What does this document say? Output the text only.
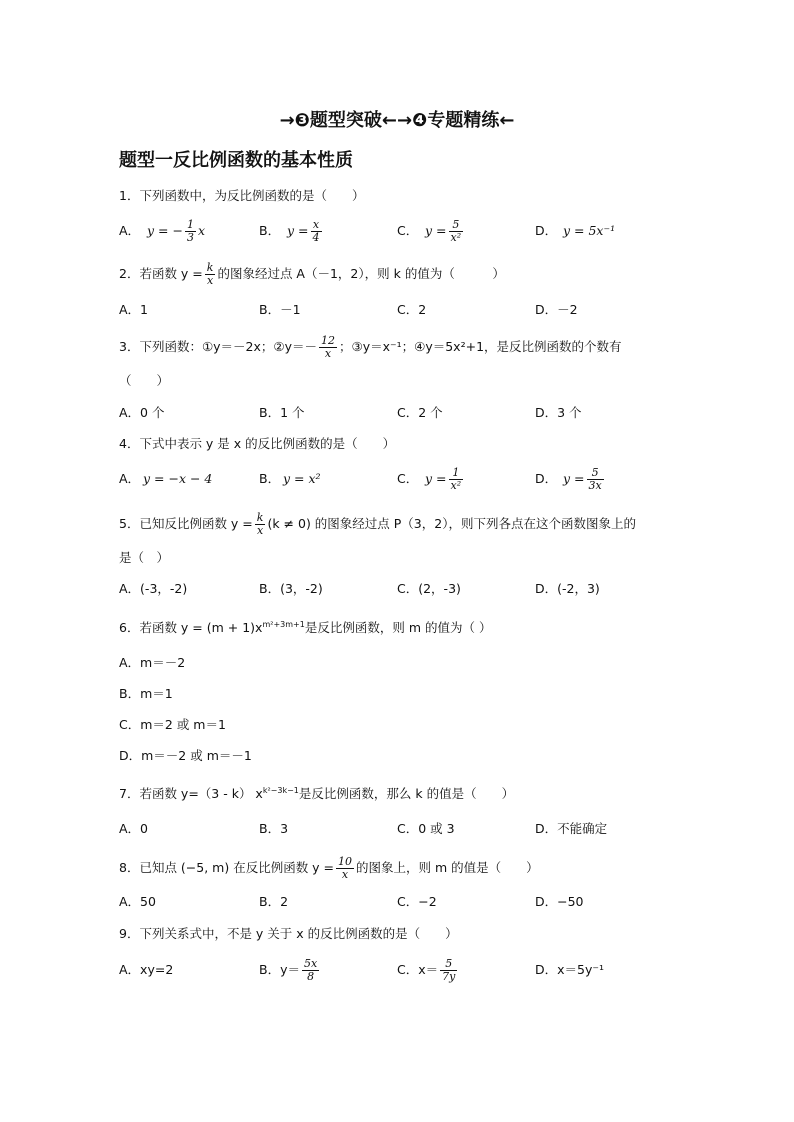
→❸题型突破←→❹专题精练←
题型一反比例函数的基本性质
1．下列函数中，为反比例函数的是（　　）
A． y = − $\frac{1}{3}$ x	B． $y = \frac{x}{4}$	C． $y = \frac{5}{\text{x²}}$	D． y = 5x⁻¹
2．若函数 $y = \frac{k}{x}$ 的图象经过点 A（－1，2），则 k 的值为（　　　）
A．1	B．－1	C．2	D．－2
3．下列函数：①y＝－2x；②y＝－ $\frac{12}{x}$ ；③y＝x⁻¹；④y＝5x²+1，是反比例函数的个数有
（　　）
A．0 个	B．1 个	C．2 个	D．3 个
4．下式中表示 y 是 x 的反比例函数的是（　　）
A． y = −x − 4	B． y = x²	C． $y = \frac{1}{\text{x²}}$	D． $y = \frac{5}{3x}$
5．已知反比例函数 $y = \frac{k}{x} (k \ne 0)$ 的图象经过点 P（3，2），则下列各点在这个函数图象上的
是（　）
A．(-3，-2)	B．(3，-2)	C．(2，-3)	D．(-2，3)
6．若函数 $y = (m + 1)x^{m^2+3m+1}$是反比例函数，则 m 的值为（ ）
A．m＝－2
B．m＝1
C．m＝2 或 m＝1
D．m＝－2 或 m＝－1
7．若函数 y=（3 - k） $x^{k^2-3k-1}$是反比例函数，那么 k 的值是（　　）
A．0	B．3	C．0 或 3	D．不能确定
8．已知点 (−5, m) 在反比例函数 $y = \frac{10}{x}$ 的图象上，则 m 的值是（　　）
A．50	B．2	C．−2	D．−50
9．下列关系式中，不是 y 关于 x 的反比例函数的是（　　）
A．xy=2	B．$y= \frac{5x}{8}$	C．$x= \frac{5}{7y}$	D．x＝5y⁻¹
